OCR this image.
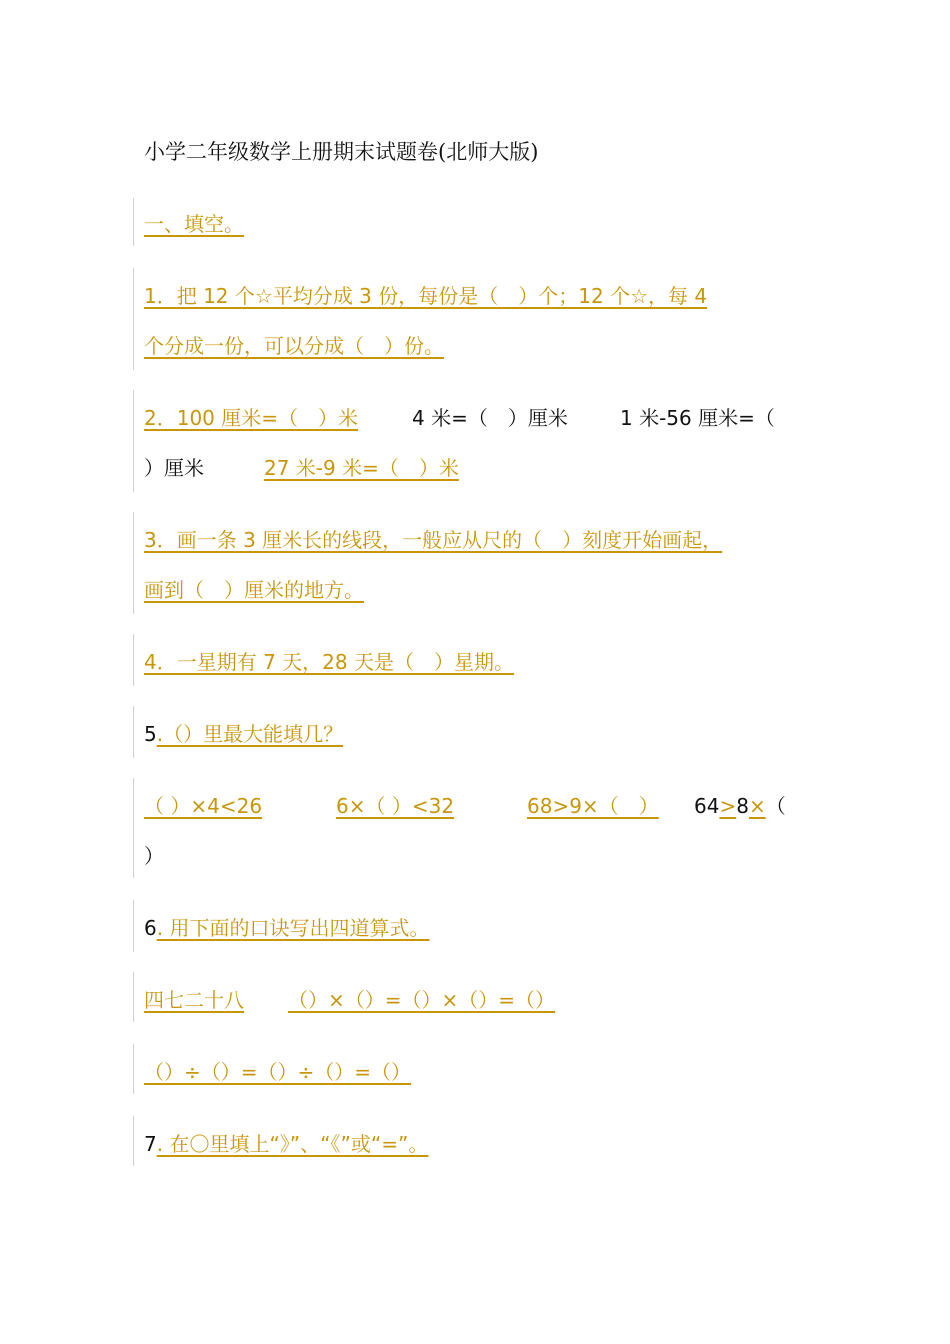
小学二年级数学上册期末试题卷(北师大版)
一、填空。
1．把 12 个☆平均分成 3 份，每份是（　）个；12 个☆，每 4
个分成一份，可以分成（　）份。
2．100 厘米=（　）米	4 米=（　）厘米	1 米-56 厘米=（
）厘米	27 米-9 米=（　）米
3．画一条 3 厘米长的线段，一般应从尺的（　）刻度开始画起，
画到（　）厘米的地方。
4．一星期有 7 天，28 天是（　）星期。
5.（）里最大能填几？
（ ）×4<26	6×（ ）<32	68>9×（　） 64>8×（
）
6. 用下面的口诀写出四道算式。
四七二十八 （）×（）=（）×（）=（）
（）÷（）=（）÷（）=（）
7. 在〇里填上“》”、“《”或“=”。
